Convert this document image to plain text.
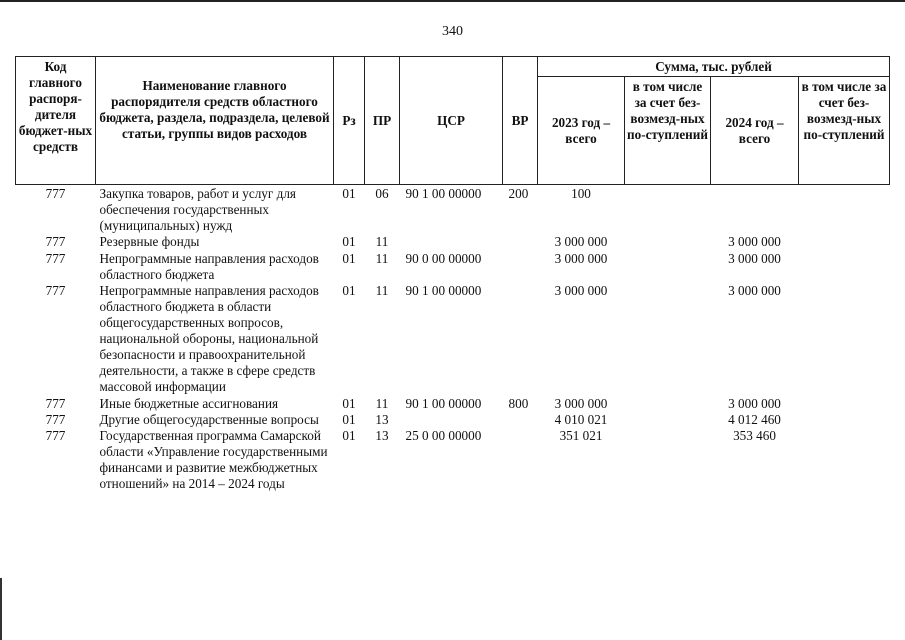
340
Код главного распоря-дителя бюджет-ных средств	Наименование главного распорядителя средств областного бюджета, раздела, подраздела, целевой статьи, группы видов расходов	Рз	ПР	ЦСР	ВР	Сумма, тыс. рублей			
						2023 год – всего	в том числе за счет без-возмезд-ных по-ступлений	2024 год – всего	в том числе за счет без-возмезд-ных по-ступлений
777	Закупка товаров, работ и услуг для обеспечения государственных (муниципальных) нужд	01	06	90 1 00 00000	200	100			
777	Резервные фонды	01	11			3 000 000		3 000 000	
777	Непрограммные направления расходов областного бюджета	01	11	90 0 00 00000		3 000 000		3 000 000	
777	Непрограммные направления расходов областного бюджета в области общегосударственных вопросов, национальной обороны, национальной безопасности и правоохранительной деятельности, а также в сфере средств массовой информации	01	11	90 1 00 00000		3 000 000		3 000 000	
777	Иные бюджетные ассигнования	01	11	90 1 00 00000	800	3 000 000		3 000 000	
777	Другие общегосударственные вопросы	01	13			4 010 021		4 012 460	
777	Государственная программа Самарской области «Управление государственными финансами и развитие межбюджетных отношений» на 2014 – 2024 годы	01	13	25 0 00 00000		351 021		353 460	
